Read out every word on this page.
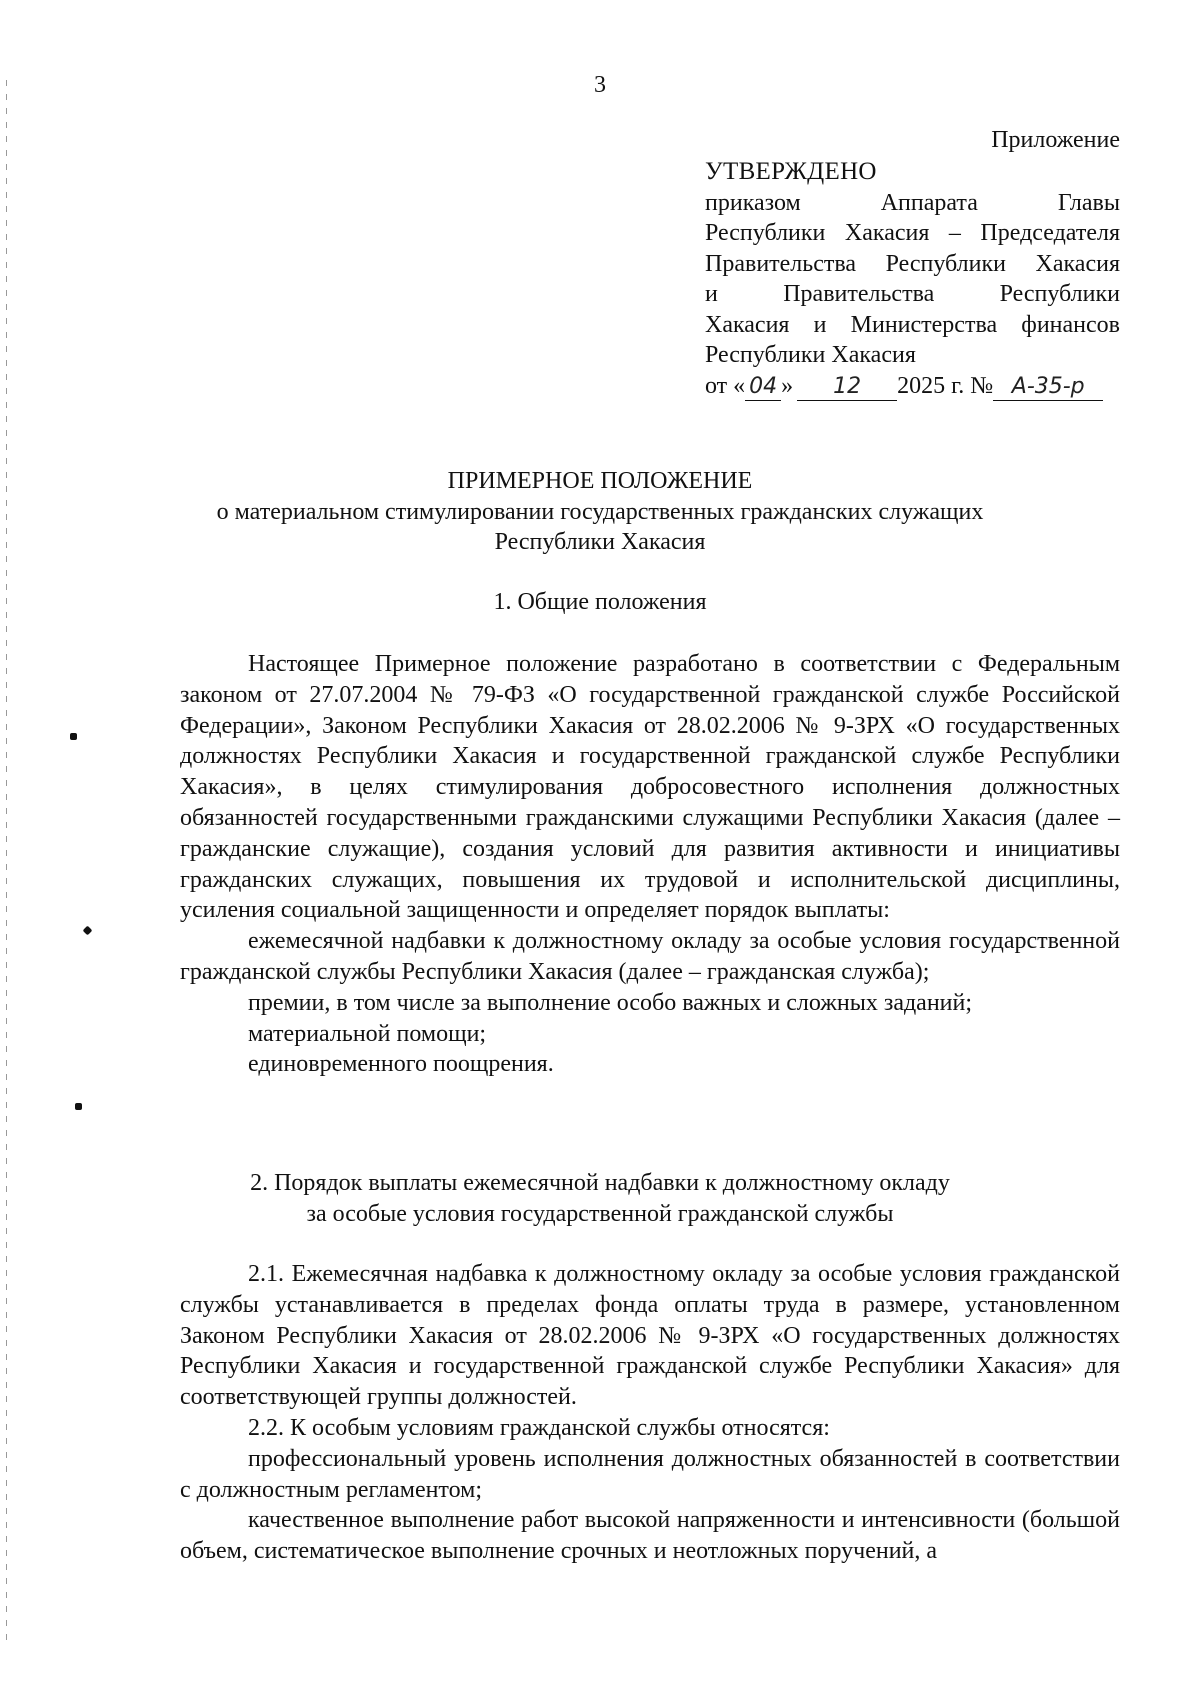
3
Приложение
УТВЕРЖДЕНО
приказом Аппарата Главы
Республики Хакасия – Председателя
Правительства Республики Хакасия
и Правительства Республики
Хакасия и Министерства финансов
Республики Хакасия
от « 04 » 12 2025 г. № А-35-р
ПРИМЕРНОЕ ПОЛОЖЕНИЕ
о материальном стимулировании государственных гражданских служащих
Республики Хакасия
1. Общие положения

Настоящее Примерное положение разработано в соответствии с Федеральным законом от 27.07.2004 № 79-ФЗ «О государственной гражданской службе Российской Федерации», Законом Республики Хакасия от 28.02.2006 № 9-ЗРХ «О государственных должностях Республики Хакасия и государственной гражданской службе Республики Хакасия», в целях стимулирования добросовестного исполнения должностных обязанностей государственными гражданскими служащими Республики Хакасия (далее – гражданские служащие), создания условий для развития активности и инициативы гражданских служащих, повышения их трудовой и исполнительской дисциплины, усиления социальной защищенности и определяет порядок выплаты:

ежемесячной надбавки к должностному окладу за особые условия государственной гражданской службы Республики Хакасия (далее – гражданская служба);

премии, в том числе за выполнение особо важных и сложных заданий;

материальной помощи;

единовременного поощрения.

2. Порядок выплаты ежемесячной надбавки к должностному окладу
за особые условия государственной гражданской службы

2.1. Ежемесячная надбавка к должностному окладу за особые условия гражданской службы устанавливается в пределах фонда оплаты труда в размере, установленном Законом Республики Хакасия от 28.02.2006 № 9-ЗРХ «О государственных должностях Республики Хакасия и государственной гражданской службе Республики Хакасия» для соответствующей группы должностей.

2.2. К особым условиям гражданской службы относятся:

профессиональный уровень исполнения должностных обязанностей в соответствии с должностным регламентом;

качественное выполнение работ высокой напряженности и интенсивности (большой объем, систематическое выполнение срочных и неотложных поручений, а
